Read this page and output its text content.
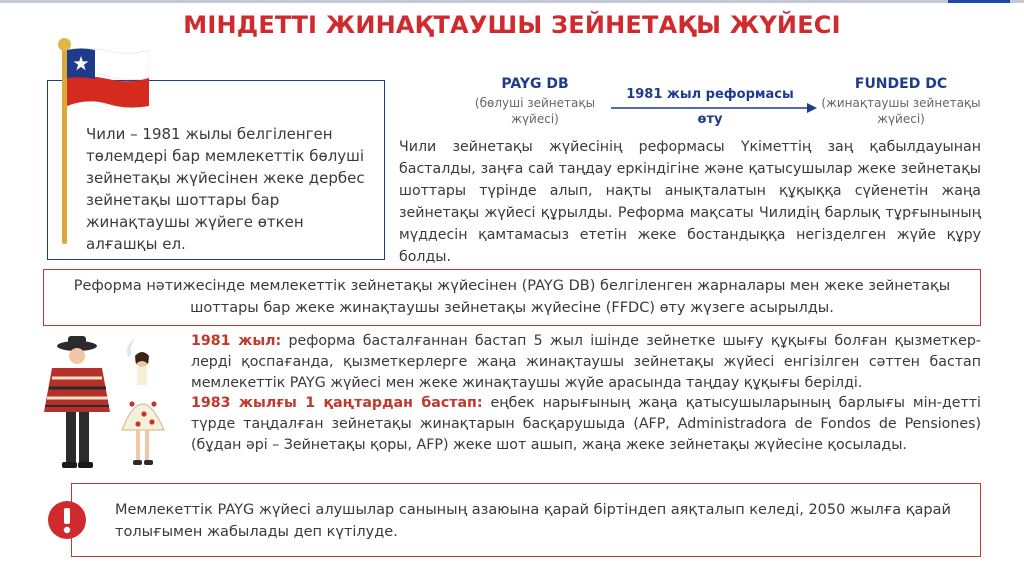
МІНДЕТТІ ЖИНАҚТАУШЫ ЗЕЙНЕТАҚЫ ЖҮЙЕСІ

Чили – 1981 жылы белгіленген төлемдері бар мемлекеттік бөлуші зейнетақы жүйесінен жеке дербес зейнетақы шоттары бар жинақтаушы жүйеге өткен алғашқы ел.

PAYG DB
(бөлуші зейнетақы жүйесі)
1981 жыл реформасы
өту
FUNDED DC
(жинақтаушы зейнетақы жүйесі)

Чили зейнетақы жүйесінің реформасы Үкіметтің заң қабылдауынан басталды, заңға сай таңдау еркіндігіне және қатысушылар жеке зейнетақы шоттары түрінде алып, нақты анықталатын құқыққа сүйенетін жаңа зейнетақы жүйесі құрылды. Реформа мақсаты Чилидің барлық тұрғынының мүддесін қамтамасыз ететін жеке бостандыққа негізделген жүйе құру болды.

Реформа нәтижесінде мемлекеттік зейнетақы жүйесінен (PAYG DB) белгіленген жарналары мен жеке зейнетақы шоттары бар жеке жинақтаушы зейнетақы жүйесіне (FFDC) өту жүзеге асырылды.

1981 жыл: реформа басталғаннан бастап 5 жыл ішінде зейнетке шығу құқығы болған қызметкер-лерді қоспағанда, қызметкерлерге жаңа жинақтаушы зейнетақы жүйесі енгізілген сәттен бастап мемлекеттік PAYG жүйесі мен жеке жинақтаушы жүйе арасында таңдау құқығы берілді.

1983 жылғы 1 қаңтардан бастап: еңбек нарығының жаңа қатысушыларының барлығы мін-детті түрде таңдалған зейнетақы жинақтарын басқарушыда (AFP, Administradora de Fondos de Pensiones) (бұдан әрі – Зейнетақы қоры, AFP) жеке шот ашып, жаңа жеке зейнетақы жүйесіне қосылады.

Мемлекеттік PAYG жүйесі алушылар санының азаюына қарай біртіндеп аяқталып келеді, 2050 жылға қарай толығымен жабылады деп күтілуде.
